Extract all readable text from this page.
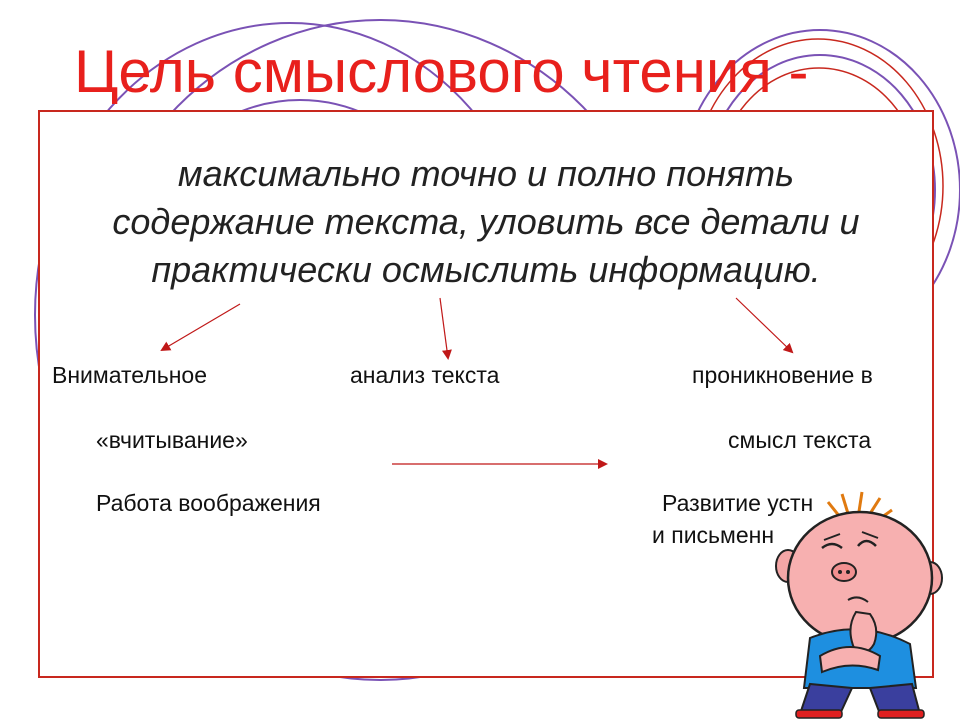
Цель смыслового чтения -
максимально точно и полно понять
содержание текста, уловить все детали и
практически осмыслить информацию.
Внимательное
«вчитывание»
Работа воображения
анализ текста	проникновение в
смысл текста
Развитие устн
и письменн
